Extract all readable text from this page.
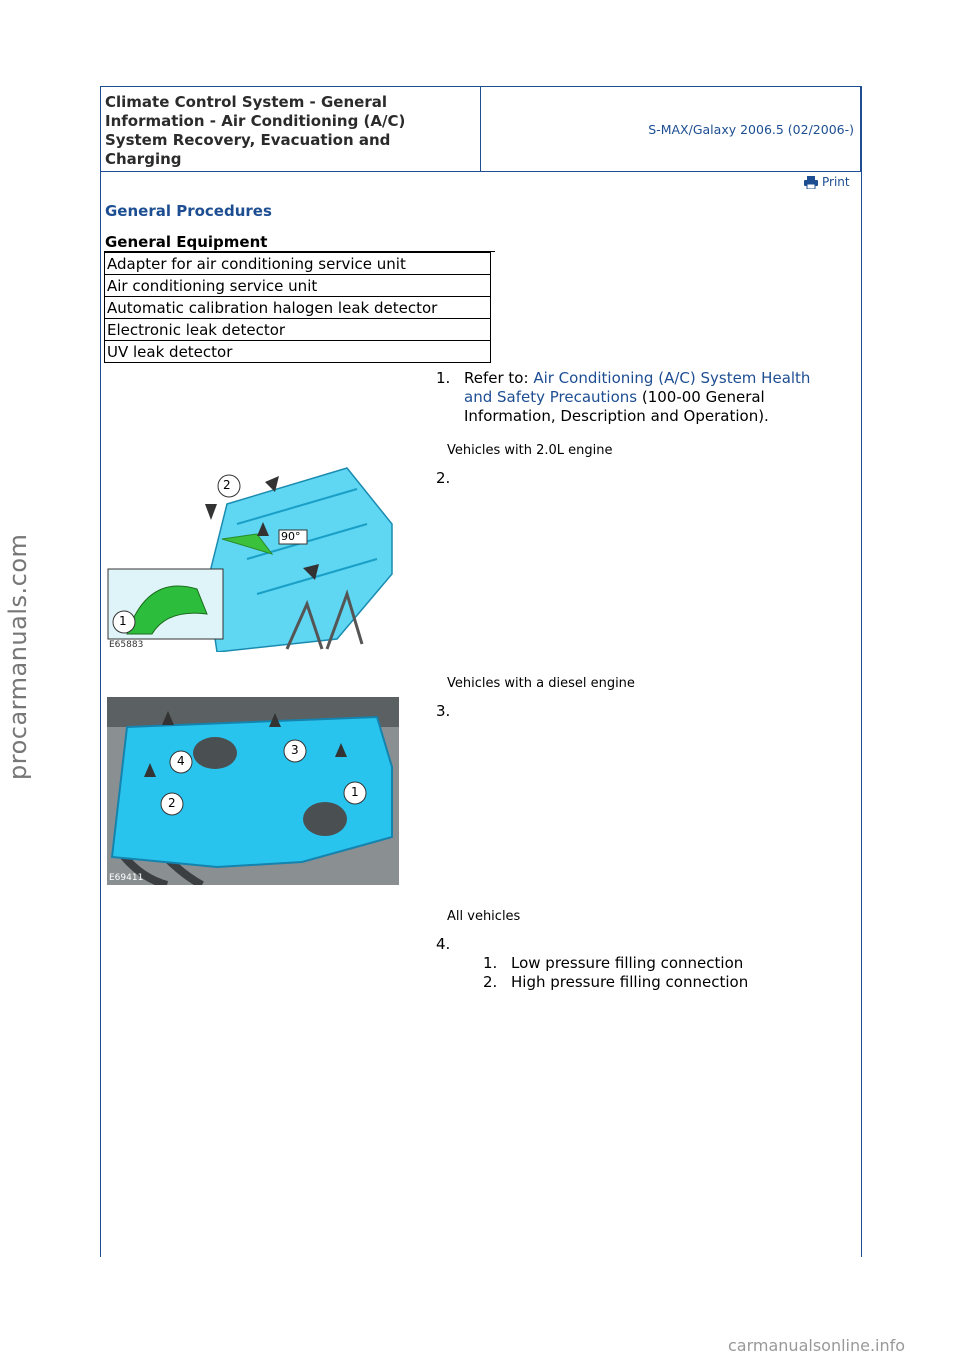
Climate Control System - General Information - Air Conditioning (A/C) System Recovery, Evacuation and Charging
S-MAX/Galaxy 2006.5 (02/2006-)
Print
General Procedures
General Equipment
Adapter for air conditioning service unit
Air conditioning service unit
Automatic calibration halogen leak detector
Electronic leak detector
UV leak detector
1. Refer to: Air Conditioning (A/C) System Health and Safety Precautions (100-00 General Information, Description and Operation).
Vehicles with 2.0L engine
2
1
90°
E65883
2.
Vehicles with a diesel engine
4
2
3
1
E69411
3.
All vehicles
4.
1. Low pressure filling connection
2. High pressure filling connection
procarmanuals.com
carmanualsonline.info
